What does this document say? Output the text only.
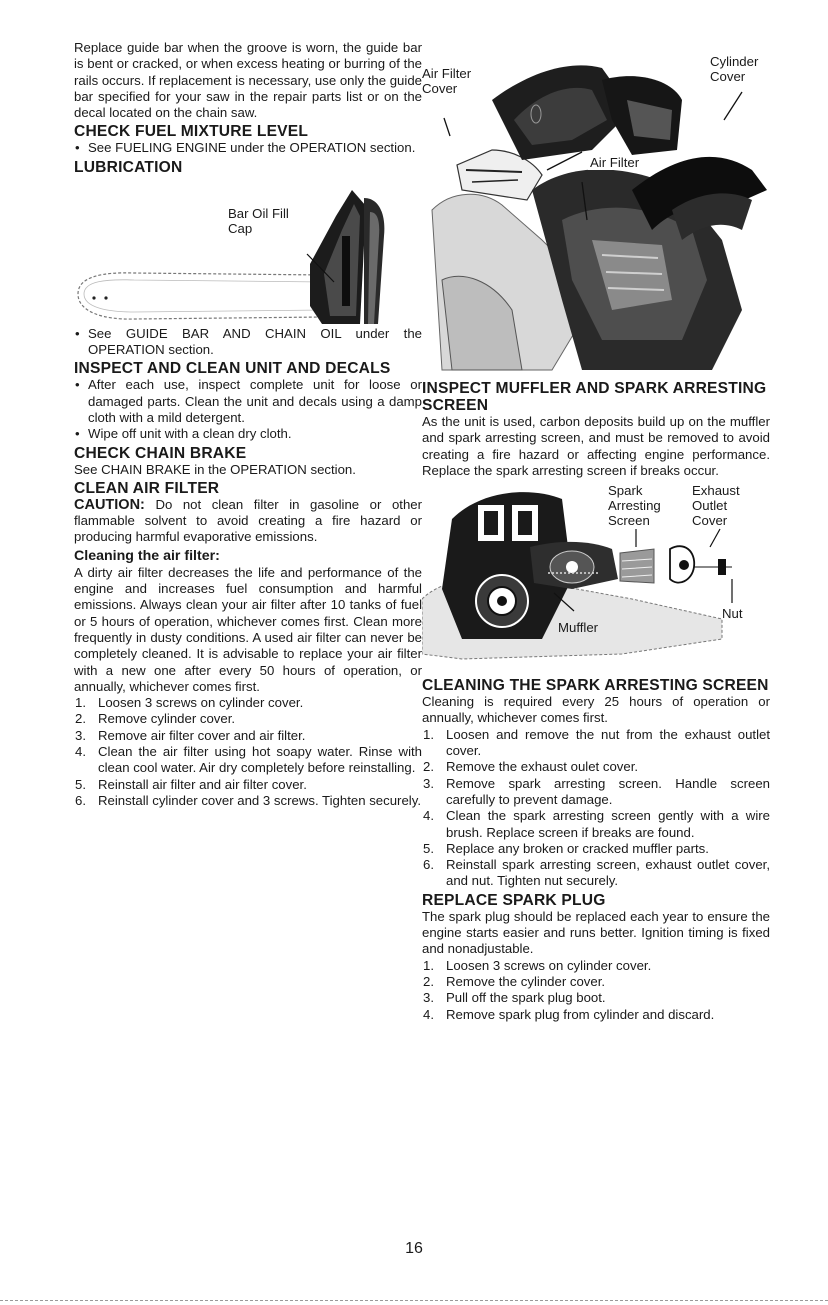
Replace guide bar when the groove is worn, the guide bar is bent or cracked, or when excess heating or burring of the rails occurs. If replacement is necessary, use only the guide bar specified for your saw in the repair parts list or on the decal located on the chain saw.

CHECK FUEL MIXTURE LEVEL
• See FUELING ENGINE under the OPERATION section.
LUBRICATION
Bar Oil Fill Cap
• See GUIDE BAR AND CHAIN OIL under the OPERATION section.
INSPECT AND CLEAN UNIT AND DECALS
• After each use, inspect complete unit for loose or damaged parts. Clean the unit and decals using a damp cloth with a mild detergent.
• Wipe off unit with a clean dry cloth.
CHECK CHAIN BRAKE

See CHAIN BRAKE in the OPERATION section.

CLEAN AIR FILTER

CAUTION: Do not clean filter in gasoline or other flammable solvent to avoid creating a fire hazard or producing harmful evaporative emissions.

Cleaning the air filter:

A dirty air filter decreases the life and performance of the engine and increases fuel consumption and harmful emissions. Always clean your air filter after 10 tanks of fuel or 5 hours of operation, whichever comes first. Clean more frequently in dusty conditions. A used air filter can never be completely cleaned. It is advisable to replace your air filter with a new one after every 50 hours of operation, or annually, whichever comes first.

1. Loosen 3 screws on cylinder cover.
2. Remove cylinder cover.
3. Remove air filter cover and air filter.
4. Clean the air filter using hot soapy water. Rinse with clean cool water. Air dry completely before reinstalling.
5. Reinstall air filter and air filter cover.
6. Reinstall cylinder cover and 3 screws. Tighten securely.
Air Filter Cover
Cylinder Cover
Air Filter
INSPECT MUFFLER AND SPARK ARRESTING SCREEN

As the unit is used, carbon deposits build up on the muffler and spark arresting screen, and must be removed to avoid creating a fire hazard or affecting engine performance. Replace the spark arresting screen if breaks occur.

Spark Arresting Screen
Exhaust Outlet Cover
Nut
Muffler
CLEANING THE SPARK ARRESTING SCREEN

Cleaning is required every 25 hours of operation or annually, whichever comes first.

1. Loosen and remove the nut from the exhaust outlet cover.
2. Remove the exhaust oulet cover.
3. Remove spark arresting screen. Handle screen carefully to prevent damage.
4. Clean the spark arresting screen gently with a wire brush. Replace screen if breaks are found.
5. Replace any broken or cracked muffler parts.
6. Reinstall spark arresting screen, exhaust outlet cover, and nut. Tighten nut securely.
REPLACE SPARK PLUG

The spark plug should be replaced each year to ensure the engine starts easier and runs better. Ignition timing is fixed and nonadjustable.

1. Loosen 3 screws on cylinder cover.
2. Remove the cylinder cover.
3. Pull off the spark plug boot.
4. Remove spark plug from cylinder and discard.
16
